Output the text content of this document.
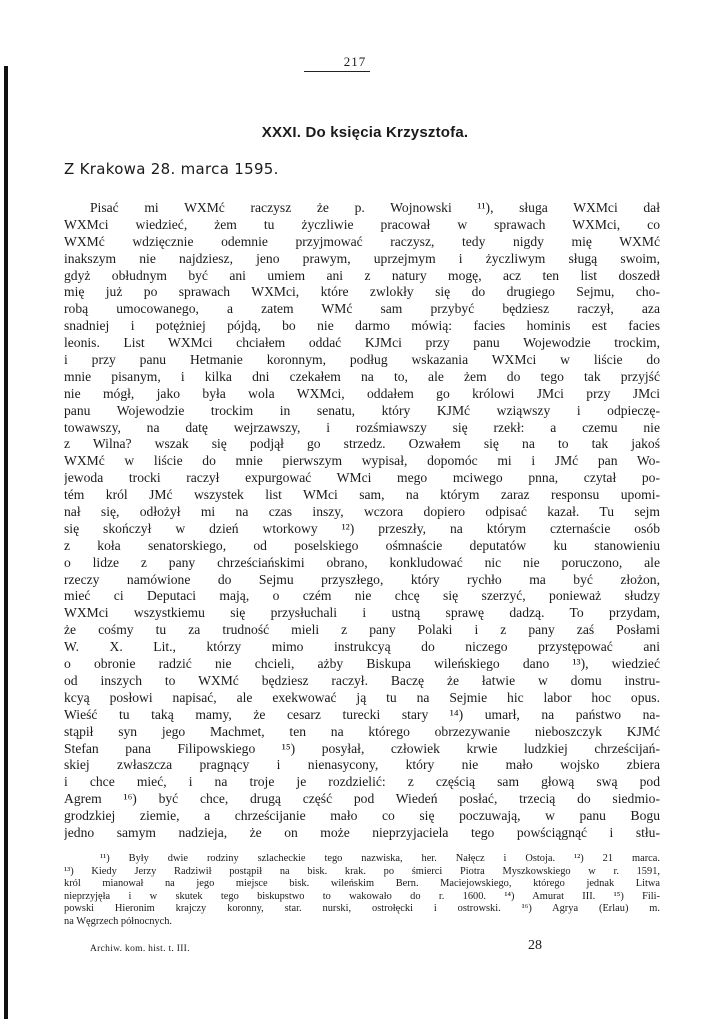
217
XXXI. Do księcia Krzysztofa.
Z Krakowa 28. marca 1595.
Pisać mi WXMć raczysz że p. Wojnowski ¹¹), sługa WXMci dał
WXMci wiedzieć, żem tu życzliwie pracował w sprawach WXMci, co
WXMć wdzięcznie odemnie przyjmować raczysz, tedy nigdy mię WXMć
inakszym nie najdziesz, jeno prawym, uprzejmym i życzliwym sługą swoim,
gdyż obłudnym być ani umiem ani z natury mogę, acz ten list doszedł
mię już po sprawach WXMci, które zwlokły się do drugiego Sejmu, cho-
robą umocowanego, a zatem WMć sam przybyć będziesz raczył, aza
snadniej i potężniej pójdą, bo nie darmo mówią: facies hominis est facies
leonis. List WXMci chciałem oddać KJMci przy panu Wojewodzie trockim,
i przy panu Hetmanie koronnym, podług wskazania WXMci w liście do
mnie pisanym, i kilka dni czekałem na to, ale żem do tego tak przyjść
nie mógł, jako była wola WXMci, oddałem go królowi JMci przy JMci
panu Wojewodzie trockim in senatu, który KJMć wziąwszy i odpieczę-
towawszy, na datę wejrzawszy, i rozśmiawszy się rzekł: a czemu nie
z Wilna? wszak się podjął go strzedz. Ozwałem się na to tak jakoś
WXMć w liście do mnie pierwszym wypisał, dopomóc mi i JMć pan Wo-
jewoda trocki raczył expurgować WMci mego mciwego pnna, czytał po-
tém król JMć wszystek list WMci sam, na którym zaraz responsu upomi-
nał się, odłożył mi na czas inszy, wczora dopiero odpisać kazał. Tu sejm
się skończył w dzień wtorkowy ¹²) przeszły, na którym czternaście osób
z koła senatorskiego, od poselskiego ośmnaście deputatów ku stanowieniu
o lidze z pany chrześciańskimi obrano, konkludować nic nie poruczono, ale
rzeczy namówione do Sejmu przyszłego, który rychło ma być złożon,
mieć ci Deputaci mają, o czém nie chcę się szerzyć, ponieważ słudzy
WXMci wszystkiemu się przysłuchali i ustną sprawę dadzą. To przydam,
że cośmy tu za trudność mieli z pany Polaki i z pany zaś Posłami
W. X. Lit., którzy mimo instrukcyą do niczego przystępować ani
o obronie radzić nie chcieli, ażby Biskupa wileńskiego dano ¹³), wiedzieć
od inszych to WXMć będziesz raczył. Baczę że łatwie w domu instru-
kcyą posłowi napisać, ale exekwować ją tu na Sejmie hic labor hoc opus.
Wieść tu taką mamy, że cesarz turecki stary ¹⁴) umarł, na państwo na-
stąpił syn jego Machmet, ten na którego obrzezywanie nieboszczyk KJMć
Stefan pana Filipowskiego ¹⁵) posyłał, człowiek krwie ludzkiej chrześcijań-
skiej zwłaszcza pragnący i nienasycony, który nie mało wojsko zbiera
i chce mieć, i na troje je rozdzielić: z częścią sam głową swą pod
Agrem ¹⁶) być chce, drugą część pod Wiedeń posłać, trzecią do siedmio-
grodzkiej ziemie, a chrześcijanie mało co się poczuwają, w panu Bogu
jedno samym nadzieja, że on może nieprzyjaciela tego powściągnąć i stłu-
¹¹) Były dwie rodziny szlacheckie tego nazwiska, her. Nałęcz i Ostoja. ¹²) 21 marca.
¹³) Kiedy Jerzy Radziwił postąpił na bisk. krak. po śmierci Piotra Myszkowskiego w r. 1591,
król mianował na jego miejsce bisk. wileńskim Bern. Maciejowskiego, którego jednak Litwa
nieprzyjęła i w skutek tego biskupstwo to wakowało do r. 1600. ¹⁴) Amurat III. ¹⁵) Fili-
powski Hieronim krajczy koronny, star. nurski, ostrołęcki i ostrowski. ¹⁶) Agrya (Erlau) m.
na Węgrzech północnych.
Archiw. kom. hist. t. III.	28
